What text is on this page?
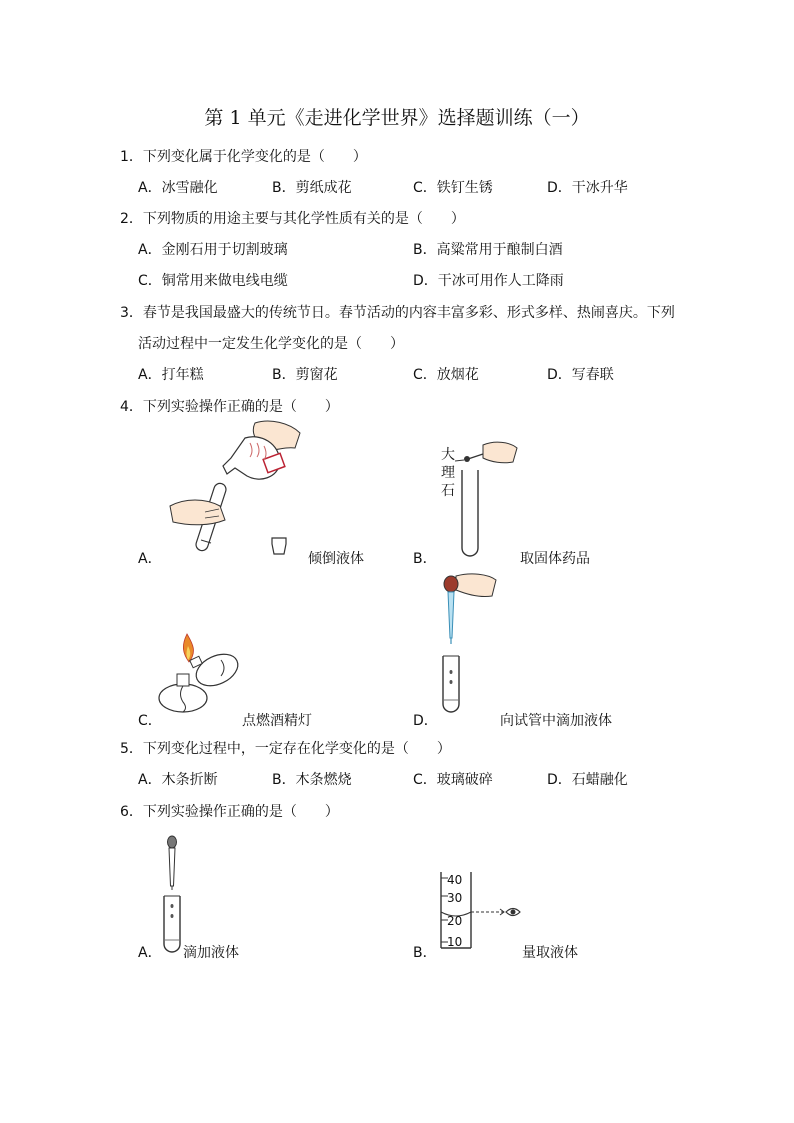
第 1 单元《走进化学世界》选择题训练（一）
1．下列变化属于化学变化的是（　　）
A．冰雪融化	B．剪纸成花	C．铁钉生锈	D．干冰升华
2．下列物质的用途主要与其化学性质有关的是（　　）
A．金刚石用于切割玻璃	B．高粱常用于酿制白酒
C．铜常用来做电线电缆	D．干冰可用作人工降雨
3．春节是我国最盛大的传统节日。春节活动的内容丰富多彩、形式多样、热闹喜庆。下列
活动过程中一定发生化学变化的是（　　）
A．打年糕	B．剪窗花	C．放烟花	D．写春联
4．下列实验操作正确的是（　　）
A．	倾倒液体
大
理
石
B．	取固体药品
C．	点燃酒精灯	D．	向试管中滴加液体
5．下列变化过程中，一定存在化学变化的是（　　）
A．木条折断	B．木条燃烧	C．玻璃破碎	D．石蜡融化
6．下列实验操作正确的是（　　）
A． 滴加液体
40
30
20
10
B．	量取液体
